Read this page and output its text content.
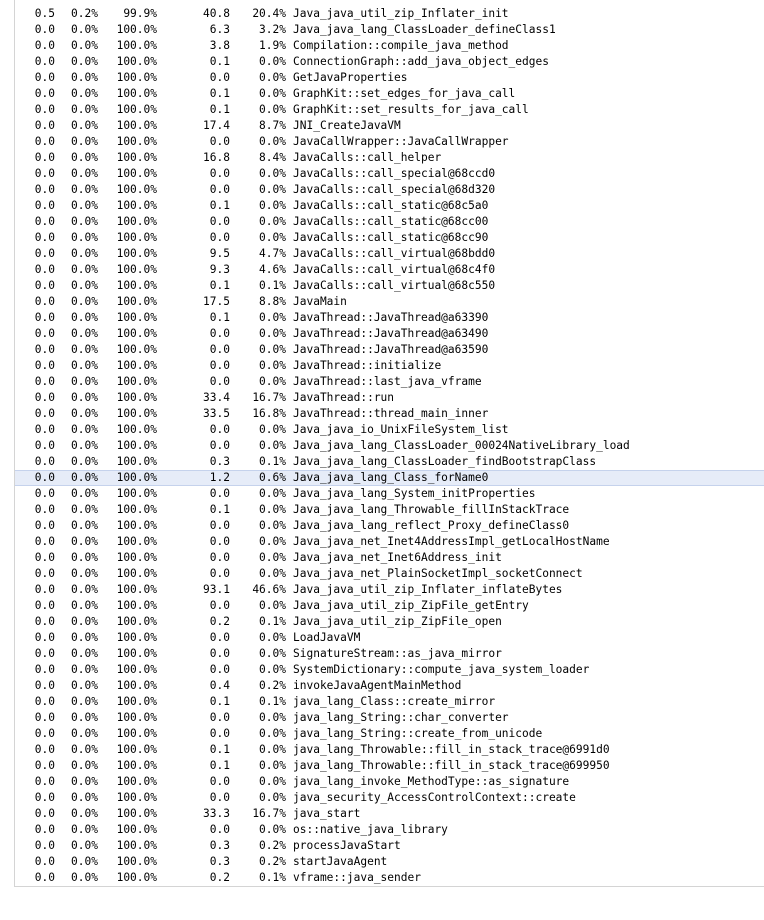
0.5	0.2%	99.9%	40.8	20.4% Java_java_util_zip_Inflater_init
0.0	0.0%	100.0%	6.3	3.2% Java_java_lang_ClassLoader_defineClass1
0.0	0.0%	100.0%	3.8	1.9% Compilation::compile_java_method
0.0	0.0%	100.0%	0.1	0.0% ConnectionGraph::add_java_object_edges
0.0	0.0%	100.0%	0.0	0.0% GetJavaProperties
0.0	0.0%	100.0%	0.1	0.0% GraphKit::set_edges_for_java_call
0.0	0.0%	100.0%	0.1	0.0% GraphKit::set_results_for_java_call
0.0	0.0%	100.0%	17.4	8.7% JNI_CreateJavaVM
0.0	0.0%	100.0%	0.0	0.0% JavaCallWrapper::JavaCallWrapper
0.0	0.0%	100.0%	16.8	8.4% JavaCalls::call_helper
0.0	0.0%	100.0%	0.0	0.0% JavaCalls::call_special@68ccd0
0.0	0.0%	100.0%	0.0	0.0% JavaCalls::call_special@68d320
0.0	0.0%	100.0%	0.1	0.0% JavaCalls::call_static@68c5a0
0.0	0.0%	100.0%	0.0	0.0% JavaCalls::call_static@68cc00
0.0	0.0%	100.0%	0.0	0.0% JavaCalls::call_static@68cc90
0.0	0.0%	100.0%	9.5	4.7% JavaCalls::call_virtual@68bdd0
0.0	0.0%	100.0%	9.3	4.6% JavaCalls::call_virtual@68c4f0
0.0	0.0%	100.0%	0.1	0.1% JavaCalls::call_virtual@68c550
0.0	0.0%	100.0%	17.5	8.8% JavaMain
0.0	0.0%	100.0%	0.1	0.0% JavaThread::JavaThread@a63390
0.0	0.0%	100.0%	0.0	0.0% JavaThread::JavaThread@a63490
0.0	0.0%	100.0%	0.0	0.0% JavaThread::JavaThread@a63590
0.0	0.0%	100.0%	0.0	0.0% JavaThread::initialize
0.0	0.0%	100.0%	0.0	0.0% JavaThread::last_java_vframe
0.0	0.0%	100.0%	33.4	16.7% JavaThread::run
0.0	0.0%	100.0%	33.5	16.8% JavaThread::thread_main_inner
0.0	0.0%	100.0%	0.0	0.0% Java_java_io_UnixFileSystem_list
0.0	0.0%	100.0%	0.0	0.0% Java_java_lang_ClassLoader_00024NativeLibrary_load
0.0	0.0%	100.0%	0.3	0.1% Java_java_lang_ClassLoader_findBootstrapClass
0.0	0.0%	100.0%	1.2	0.6% Java_java_lang_Class_forName0
0.0	0.0%	100.0%	0.0	0.0% Java_java_lang_System_initProperties
0.0	0.0%	100.0%	0.1	0.0% Java_java_lang_Throwable_fillInStackTrace
0.0	0.0%	100.0%	0.0	0.0% Java_java_lang_reflect_Proxy_defineClass0
0.0	0.0%	100.0%	0.0	0.0% Java_java_net_Inet4AddressImpl_getLocalHostName
0.0	0.0%	100.0%	0.0	0.0% Java_java_net_Inet6Address_init
0.0	0.0%	100.0%	0.0	0.0% Java_java_net_PlainSocketImpl_socketConnect
0.0	0.0%	100.0%	93.1	46.6% Java_java_util_zip_Inflater_inflateBytes
0.0	0.0%	100.0%	0.0	0.0% Java_java_util_zip_ZipFile_getEntry
0.0	0.0%	100.0%	0.2	0.1% Java_java_util_zip_ZipFile_open
0.0	0.0%	100.0%	0.0	0.0% LoadJavaVM
0.0	0.0%	100.0%	0.0	0.0% SignatureStream::as_java_mirror
0.0	0.0%	100.0%	0.0	0.0% SystemDictionary::compute_java_system_loader
0.0	0.0%	100.0%	0.4	0.2% invokeJavaAgentMainMethod
0.0	0.0%	100.0%	0.1	0.1% java_lang_Class::create_mirror
0.0	0.0%	100.0%	0.0	0.0% java_lang_String::char_converter
0.0	0.0%	100.0%	0.0	0.0% java_lang_String::create_from_unicode
0.0	0.0%	100.0%	0.1	0.0% java_lang_Throwable::fill_in_stack_trace@6991d0
0.0	0.0%	100.0%	0.1	0.0% java_lang_Throwable::fill_in_stack_trace@699950
0.0	0.0%	100.0%	0.0	0.0% java_lang_invoke_MethodType::as_signature
0.0	0.0%	100.0%	0.0	0.0% java_security_AccessControlContext::create
0.0	0.0%	100.0%	33.3	16.7% java_start
0.0	0.0%	100.0%	0.0	0.0% os::native_java_library
0.0	0.0%	100.0%	0.3	0.2% processJavaStart
0.0	0.0%	100.0%	0.3	0.2% startJavaAgent
0.0	0.0%	100.0%	0.2	0.1% vframe::java_sender
